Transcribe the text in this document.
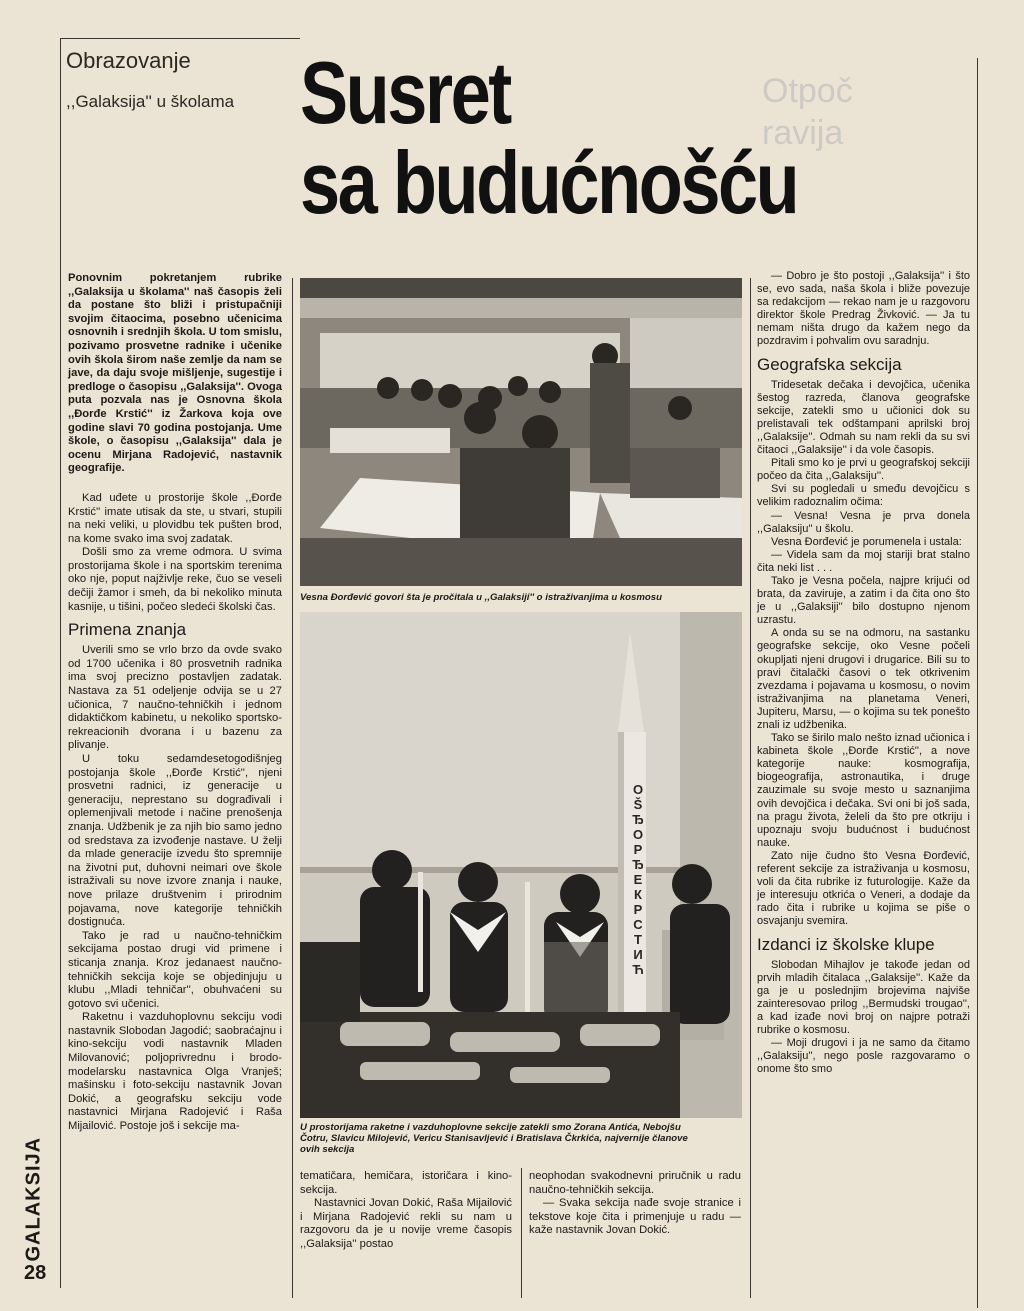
Otpoč
ravija
Obrazovanje
,,Galaksija'' u školama Susret
sa budućnošću

Ponovnim pokretanjem rubrike ,,Galaksija u školama'' naš časopis želi da postane što bliži i pristupačniji svojim čitaocima, posebno učenicima osnovnih i srednjih škola. U tom smislu, pozivamo prosvetne radnike i učenike ovih škola širom naše zemlje da nam se jave, da daju svoje mišljenje, sugestije i predloge o časopisu ,,Galaksija''. Ovoga puta pozvala nas je Osnovna škola ,,Đorđe Krstić'' iz Žarkova koja ove godine slavi 70 godina postojanja. Ume škole, o časopisu ,,Galaksija'' dala je ocenu Mirjana Radojević, nastavnik geografije.

Kad uđete u prostorije škole ,,Đorđe Krstić'' imate utisak da ste, u stvari, stupili na neki veliki, u plovidbu tek pušten brod, na kome svako ima svoj zadatak.

Došli smo za vreme odmora. U svima prostorijama škole i na sportskim terenima oko nje, poput najživlje reke, čuo se veseli dečiji žamor i smeh, da bi nekoliko minuta kasnije, u tišini, počeo sledeći školski čas.

Primena znanja

Uverili smo se vrlo brzo da ovde svako od 1700 učenika i 80 prosvetnih radnika ima svoj precizno postavljen zadatak. Nastava za 51 odeljenje odvija se u 27 učionica, 7 naučno-tehničkih i jednom didaktičkom kabinetu, u nekoliko sportsko-rekreacionih dvorana i u bazenu za plivanje.

U toku sedamdesetogodišnjeg postojanja škole ,,Đorđe Krstić'', njeni prosvetni radnici, iz generacije u generaciju, neprestano su dograđivali i oplemenjivali metode i načine prenošenja znanja. Udžbenik je za njih bio samo jedno od sredstava za izvođenje nastave. U želji da mlade generacije izvedu što spremnije na životni put, duhovni neimari ove škole istraživali su nove izvore znanja i nauke, nove prilaze društvenim i prirodnim pojavama, nove kategorije tehničkih dostignuća.

Tako je rad u naučno-tehničkim sekcijama postao drugi vid primene i sticanja znanja. Kroz jedanaest naučno-tehničkih sekcija koje se objedinjuju u klubu ,,Mladi tehničar'', obuhvaćeni su gotovo svi učenici.

Raketnu i vazduhoplovnu sekciju vodi nastavnik Slobodan Jagodić; saobraćajnu i kino-sekciju vodi nastavnik Mladen Milovanović; poljoprivrednu i brodo-modelarsku nastavnica Olga Vranješ; mašinsku i foto-sekciju nastavnik Jovan Dokić, a geografsku sekciju vode nastavnici Mirjana Radojević i Raša Mijailović. Postoje još i sekcije ma-

Vesna Đorđević govori šta je pročitala u ,,Galaksiji'' o istraživanjima u kosmosu
OŠ ЂОРЂЕ КРСТИЋ
U prostorijama raketne i vazduhoplovne sekcije zatekli smo Zorana Antića, Nebojšu Čotru, Slavicu Milojević, Vericu Stanisavljević i Bratislava Čkrkića, najvernije članove ovih sekcija

tematičara, hemičara, istoričara i kino-sekcija.

Nastavnici Jovan Dokić, Raša Mijailović i Mirjana Radojević rekli su nam u razgovoru da je u novije vreme časopis ,,Galaksija'' postao

neophodan svakodnevni priručnik u radu naučno-tehničkih sekcija.

— Svaka sekcija nađe svoje stranice i tekstove koje čita i primenjuje u radu — kaže nastavnik Jovan Dokić.

— Dobro je što postoji ,,Galaksija'' i što se, evo sada, naša škola i bliže povezuje sa redakcijom — rekao nam je u razgovoru direktor škole Predrag Živković. — Ja tu nemam ništa drugo da kažem nego da pozdravim i pohvalim ovu saradnju.

Geografska sekcija

Tridesetak dečaka i devojčica, učenika šestog razreda, članova geografske sekcije, zatekli smo u učionici dok su prelistavali tek odštampani aprilski broj ,,Galaksije''. Odmah su nam rekli da su svi čitaoci ,,Galaksije'' i da vole časopis.

Pitali smo ko je prvi u geografskoj sekciji počeo da čita ,,Galaksiju''.

Svi su pogledali u smeđu devojčicu s velikim radoznalim očima:

— Vesna! Vesna je prva donela ,,Galaksiju'' u školu.

Vesna Đorđević je porumenela i ustala:

— Videla sam da moj stariji brat stalno čita neki list . . .

Tako je Vesna počela, najpre krijući od brata, da zaviruje, a zatim i da čita ono što je u ,,Galaksiji'' bilo dostupno njenom uzrastu.

A onda su se na odmoru, na sastanku geografske sekcije, oko Vesne počeli okupljati njeni drugovi i drugarice. Bili su to pravi čitalački časovi o tek otkrivenim zvezdama i pojavama u kosmosu, o novim istraživanjima na planetama Veneri, Jupiteru, Marsu, — o kojima su tek ponešto znali iz udžbenika.

Tako se širilo malo nešto iznad učionica i kabineta škole ,,Đorđe Krstić'', a nove kategorije nauke: kosmografija, biogeografija, astronautika, i druge zauzimale su svoje mesto u saznanjima ovih devojčica i dečaka. Svi oni bi još sada, na pragu života, želeli da što pre otkriju i upoznaju svoju budućnost i budućnost nauke.

Zato nije čudno što Vesna Đorđević, referent sekcije za istraživanja u kosmosu, voli da čita rubrike iz futurologije. Kaže da je interesuju otkrića o Veneri, a dodaje da rado čita i rubrike u kojima se piše o osvajanju svemira.

Izdanci iz školske klupe

Slobodan Mihajlov je takođe jedan od prvih mladih čitalaca ,,Galaksije''. Kaže da ga je u poslednjim brojevima najviše zainteresovao prilog ,,Bermudski trougao'', a kad izađe novi broj on najpre potraži rubrike o kosmosu.

— Moji drugovi i ja ne samo da čitamo ,,Galaksiju'', nego posle razgovaramo o onome što smo

GALAKSIJA
28
